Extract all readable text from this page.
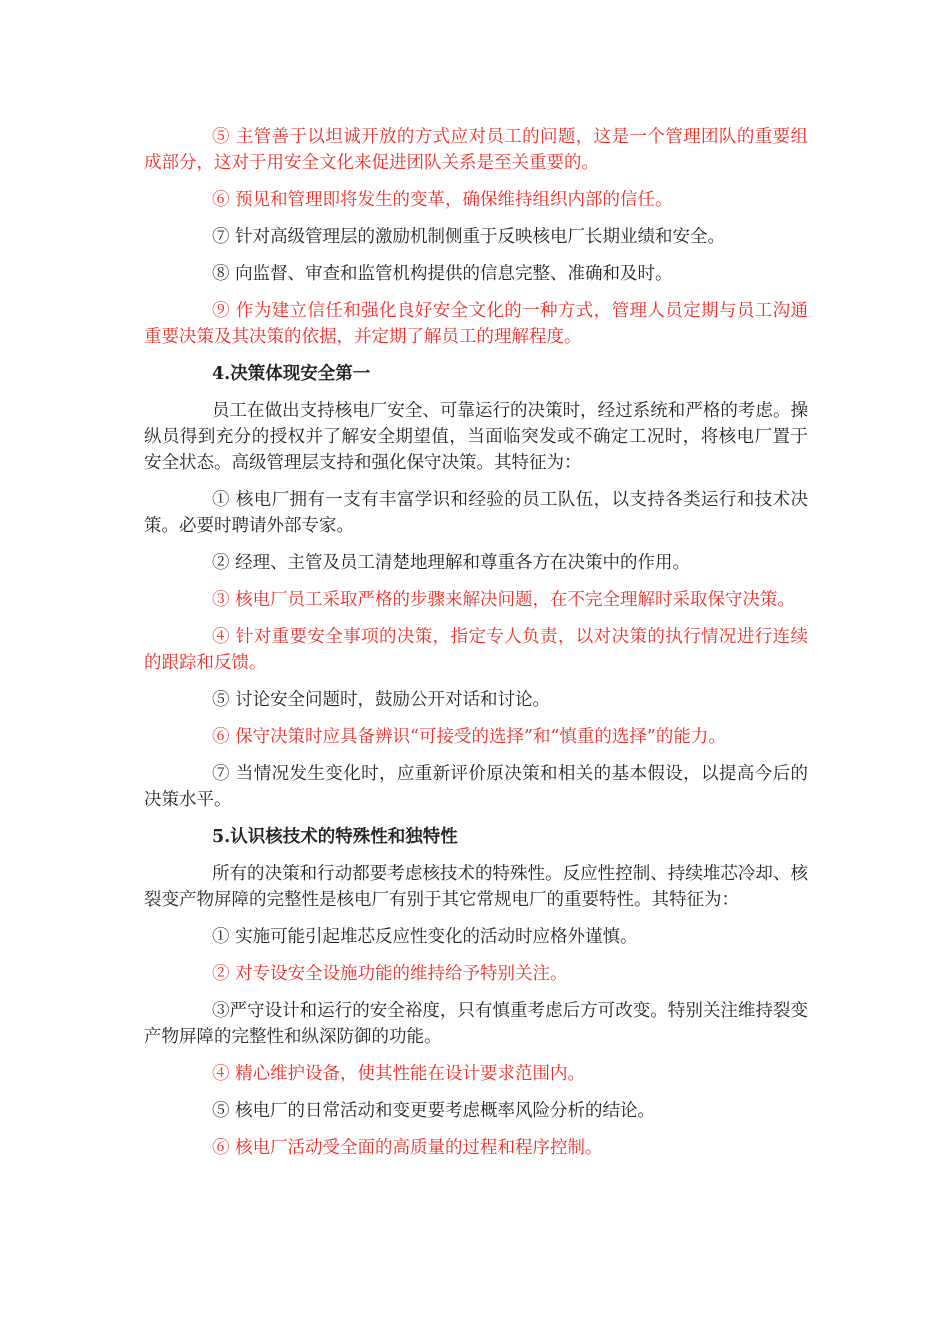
⑤ 主管善于以坦诚开放的方式应对员工的问题，这是一个管理团队的重要组成部分，这对于用安全文化来促进团队关系是至关重要的。

⑥ 预见和管理即将发生的变革，确保维持组织内部的信任。

⑦ 针对高级管理层的激励机制侧重于反映核电厂长期业绩和安全。

⑧ 向监督、审查和监管机构提供的信息完整、准确和及时。

⑨ 作为建立信任和强化良好安全文化的一种方式，管理人员定期与员工沟通重要决策及其决策的依据，并定期了解员工的理解程度。

4.决策体现安全第一

员工在做出支持核电厂安全、可靠运行的决策时，经过系统和严格的考虑。操纵员得到充分的授权并了解安全期望值，当面临突发或不确定工况时，将核电厂置于安全状态。高级管理层支持和强化保守决策。其特征为：

① 核电厂拥有一支有丰富学识和经验的员工队伍，以支持各类运行和技术决策。必要时聘请外部专家。

② 经理、主管及员工清楚地理解和尊重各方在决策中的作用。

③ 核电厂员工采取严格的步骤来解决问题，在不完全理解时采取保守决策。

④ 针对重要安全事项的决策，指定专人负责，以对决策的执行情况进行连续的跟踪和反馈。

⑤ 讨论安全问题时，鼓励公开对话和讨论。

⑥ 保守决策时应具备辨识“可接受的选择”和“慎重的选择”的能力。

⑦ 当情况发生变化时，应重新评价原决策和相关的基本假设，以提高今后的决策水平。

5.认识核技术的特殊性和独特性

所有的决策和行动都要考虑核技术的特殊性。反应性控制、持续堆芯冷却、核裂变产物屏障的完整性是核电厂有别于其它常规电厂的重要特性。其特征为：

① 实施可能引起堆芯反应性变化的活动时应格外谨慎。

② 对专设安全设施功能的维持给予特别关注。

③严守设计和运行的安全裕度，只有慎重考虑后方可改变。特别关注维持裂变产物屏障的完整性和纵深防御的功能。

④ 精心维护设备，使其性能在设计要求范围内。

⑤ 核电厂的日常活动和变更要考虑概率风险分析的结论。

⑥ 核电厂活动受全面的高质量的过程和程序控制。
